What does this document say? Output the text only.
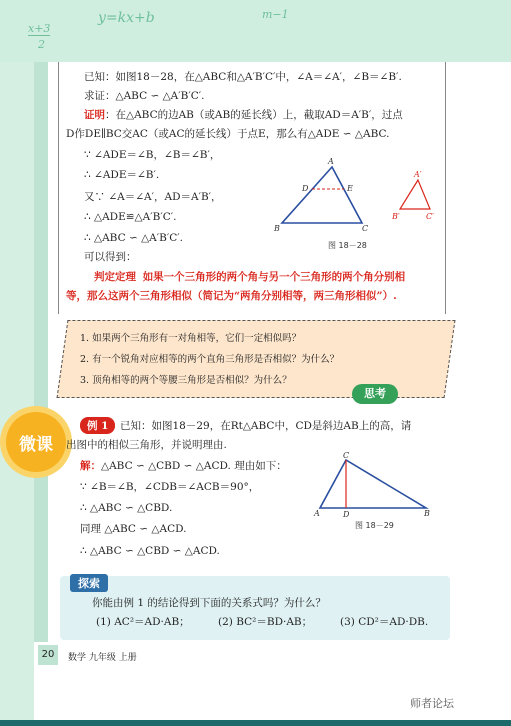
x+3
2
y=kx+b	m−1
已知：如图18－28，在△ABC和△A′B′C′中，∠A＝∠A′，∠B＝∠B′.
求证：△ABC ∽ △A′B′C′.
证明：在△ABC的边AB（或AB的延长线）上，截取AD＝A′B′，过点
D作DE∥BC交AC（或AC的延长线）于点E，那么有△ADE ∽ △ABC.
∵ ∠ADE＝∠B，∠B＝∠B′，
∴ ∠ADE＝∠B′.
又∵ ∠A＝∠A′，AD＝A′B′，
∴ △ADE≌△A′B′C′.
∴ △ABC ∽ △A′B′C′.
可以得到：
判定定理 如果一个三角形的两个角与另一个三角形的两个角分别相
等，那么这两个三角形相似（简记为“两角分别相等，两三角形相似”）.
A
B	C
D	E
A′
B′	C′
图 18－28
1. 如果两个三角形有一对角相等，它们一定相似吗？
2. 有一个锐角对应相等的两个直角三角形是否相似？为什么？
3. 顶角相等的两个等腰三角形是否相似？为什么？
思考
微课
例 1	已知：如图18－29，在Rt△ABC中，CD是斜边AB上的高，请
出图中的相似三角形，并说明理由.
解：△ABC ∽ △CBD ∽ △ACD. 理由如下：
∵ ∠B＝∠B，∠CDB＝∠ACB＝90°，
∴ △ABC ∽ △CBD.
同理 △ABC ∽ △ACD.
∴ △ABC ∽ △CBD ∽ △ACD.
C
A	D	B
图 18－29
探索
你能由例 1 的结论得到下面的关系式吗？为什么？
(1) AC²＝AD·AB；	(2) BC²＝BD·AB；	(3) CD²＝AD·DB.
20	数学 九年级 上册
师者论坛
